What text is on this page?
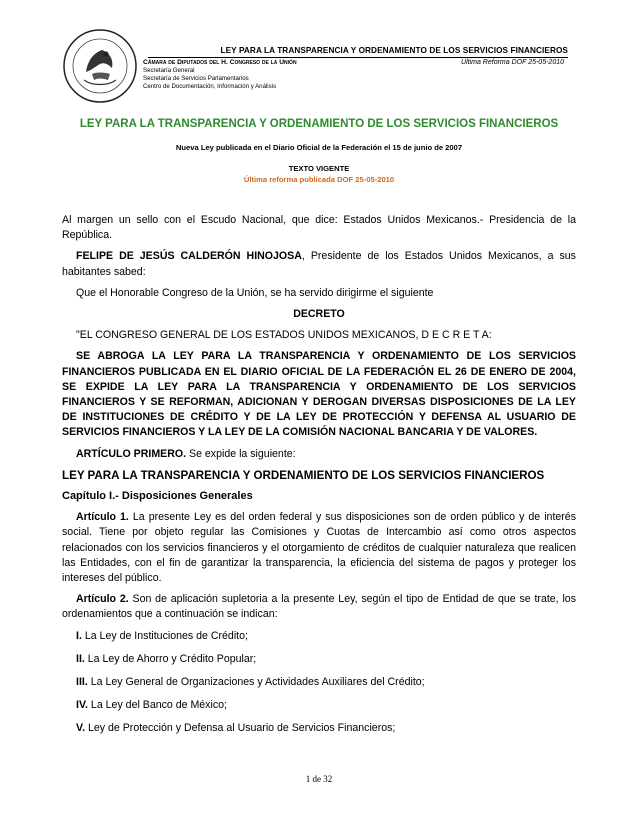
LEY PARA LA TRANSPARENCIA Y ORDENAMIENTO DE LOS SERVICIOS FINANCIEROS
Cámara de Diputados del H. Congreso de la Unión	Última Reforma DOF 25-05-2010
Secretaría General
Secretaría de Servicios Parlamentarios
Centro de Documentación, Información y Análisis
LEY PARA LA TRANSPARENCIA Y ORDENAMIENTO DE LOS SERVICIOS FINANCIEROS
Nueva Ley publicada en el Diario Oficial de la Federación el 15 de junio de 2007
TEXTO VIGENTE
Última reforma publicada DOF 25-05-2010

Al margen un sello con el Escudo Nacional, que dice: Estados Unidos Mexicanos.- Presidencia de la República.

FELIPE DE JESÚS CALDERÓN HINOJOSA, Presidente de los Estados Unidos Mexicanos, a sus habitantes sabed:

Que el Honorable Congreso de la Unión, se ha servido dirigirme el siguiente

DECRETO

"EL CONGRESO GENERAL DE LOS ESTADOS UNIDOS MEXICANOS, D E C R E T A:

SE ABROGA LA LEY PARA LA TRANSPARENCIA Y ORDENAMIENTO DE LOS SERVICIOS FINANCIEROS PUBLICADA EN EL DIARIO OFICIAL DE LA FEDERACIÓN EL 26 DE ENERO DE 2004, SE EXPIDE LA LEY PARA LA TRANSPARENCIA Y ORDENAMIENTO DE LOS SERVICIOS FINANCIEROS Y SE REFORMAN, ADICIONAN Y DEROGAN DIVERSAS DISPOSICIONES DE LA LEY DE INSTITUCIONES DE CRÉDITO Y DE LA LEY DE PROTECCIÓN Y DEFENSA AL USUARIO DE SERVICIOS FINANCIEROS Y LA LEY DE LA COMISIÓN NACIONAL BANCARIA Y DE VALORES.

ARTÍCULO PRIMERO. Se expide la siguiente:

LEY PARA LA TRANSPARENCIA Y ORDENAMIENTO DE LOS SERVICIOS FINANCIEROS

Capítulo I.- Disposiciones Generales

Artículo 1. La presente Ley es del orden federal y sus disposiciones son de orden público y de interés social. Tiene por objeto regular las Comisiones y Cuotas de Intercambio así como otros aspectos relacionados con los servicios financieros y el otorgamiento de créditos de cualquier naturaleza que realicen las Entidades, con el fin de garantizar la transparencia, la eficiencia del sistema de pagos y proteger los intereses del público.

Artículo 2. Son de aplicación supletoria a la presente Ley, según el tipo de Entidad de que se trate, los ordenamientos que a continuación se indican:

I. La Ley de Instituciones de Crédito;

II. La Ley de Ahorro y Crédito Popular;

III. La Ley General de Organizaciones y Actividades Auxiliares del Crédito;

IV. La Ley del Banco de México;

V. Ley de Protección y Defensa al Usuario de Servicios Financieros;

1 de 32
